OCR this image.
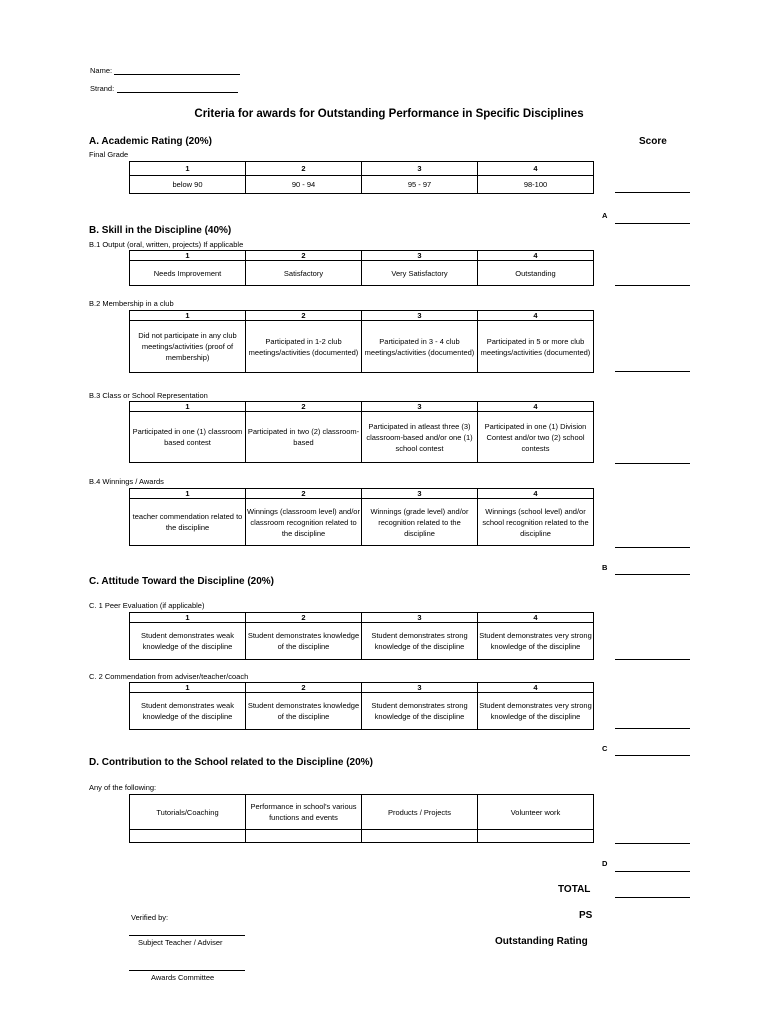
Name:
Strand:
Criteria for awards for Outstanding Performance in Specific Disciplines
A. Academic Rating (20%)	Score
Final Grade
1	2	3	4
below 90	90 - 94	95 - 97	98-100
A
B. Skill in the Discipline (40%)
B.1 Output (oral, written, projects) If applicable
1	2	3	4
Needs Improvement	Satisfactory	Very Satisfactory	Outstanding
B.2 Membership in a club
1	2	3	4
Did not participate in any club meetings/activities (proof of membership)	Participated in 1-2 club meetings/activities (documented)	Participated in 3 - 4 club meetings/activities (documented)	Participated in 5 or more club meetings/activities (documented)
B.3 Class or School Representation
1	2	3	4
Participated in one (1) classroom based contest	Participated in two (2) classroom-based	Participated in atleast three (3) classroom-based and/or one (1) school contest	Participated in one (1) Division Contest and/or two (2) school contests
B.4 Winnings / Awards
1	2	3	4
teacher commendation related to the discipline	Winnings (classroom level) and/or classroom recognition related to the discipline	Winnings (grade level) and/or recognition related to the discipline	Winnings (school level) and/or school recognition related to the discipline
B
C. Attitude Toward the Discipline (20%)
C. 1 Peer Evaluation (if applicable)
1	2	3	4
Student demonstrates weak knowledge of the discipline	Student demonstrates knowledge of the discipline	Student demonstrates strong knowledge of the discipline	Student demonstrates very strong knowledge of the discipline
C. 2 Commendation from adviser/teacher/coach
1	2	3	4
Student demonstrates weak knowledge of the discipline	Student demonstrates knowledge of the discipline	Student demonstrates strong knowledge of the discipline	Student demonstrates very strong knowledge of the discipline
C
D. Contribution to the School related to the Discipline (20%)
Any of the following:
Tutorials/Coaching	Performance in school's various functions and events	Products / Projects	Volunteer work

D
TOTAL
PS
Outstanding Rating
Verified by:
Subject Teacher / Adviser
Awards Committee
